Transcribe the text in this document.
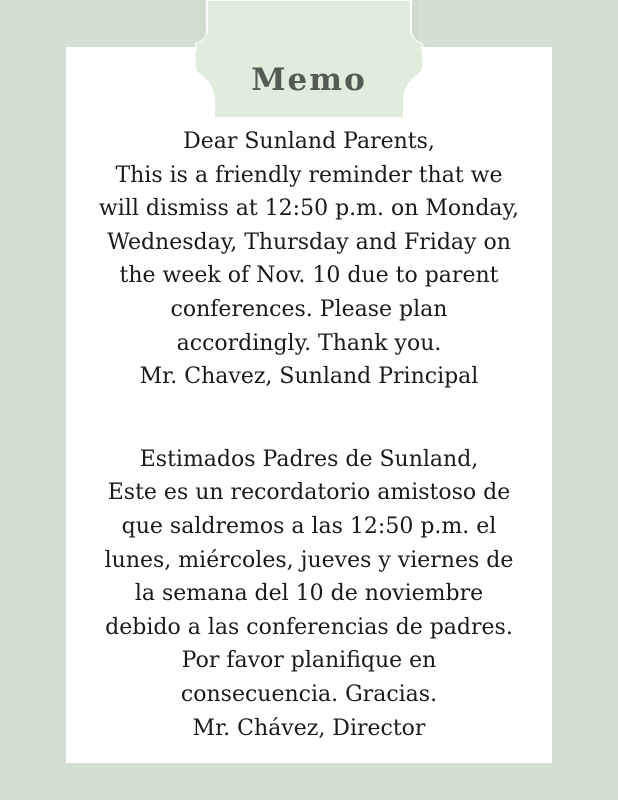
Memo
Dear Sunland Parents,
This is a friendly reminder that we
will dismiss at 12:50 p.m. on Monday,
Wednesday, Thursday and Friday on
the week of Nov. 10 due to parent
conferences. Please plan
accordingly. Thank you.
Mr. Chavez, Sunland Principal
Estimados Padres de Sunland,
Este es un recordatorio amistoso de
que saldremos a las 12:50 p.m. el
lunes, miércoles, jueves y viernes de
la semana del 10 de noviembre
debido a las conferencias de padres.
Por favor planifique en
consecuencia. Gracias.
Mr. Chávez, Director
